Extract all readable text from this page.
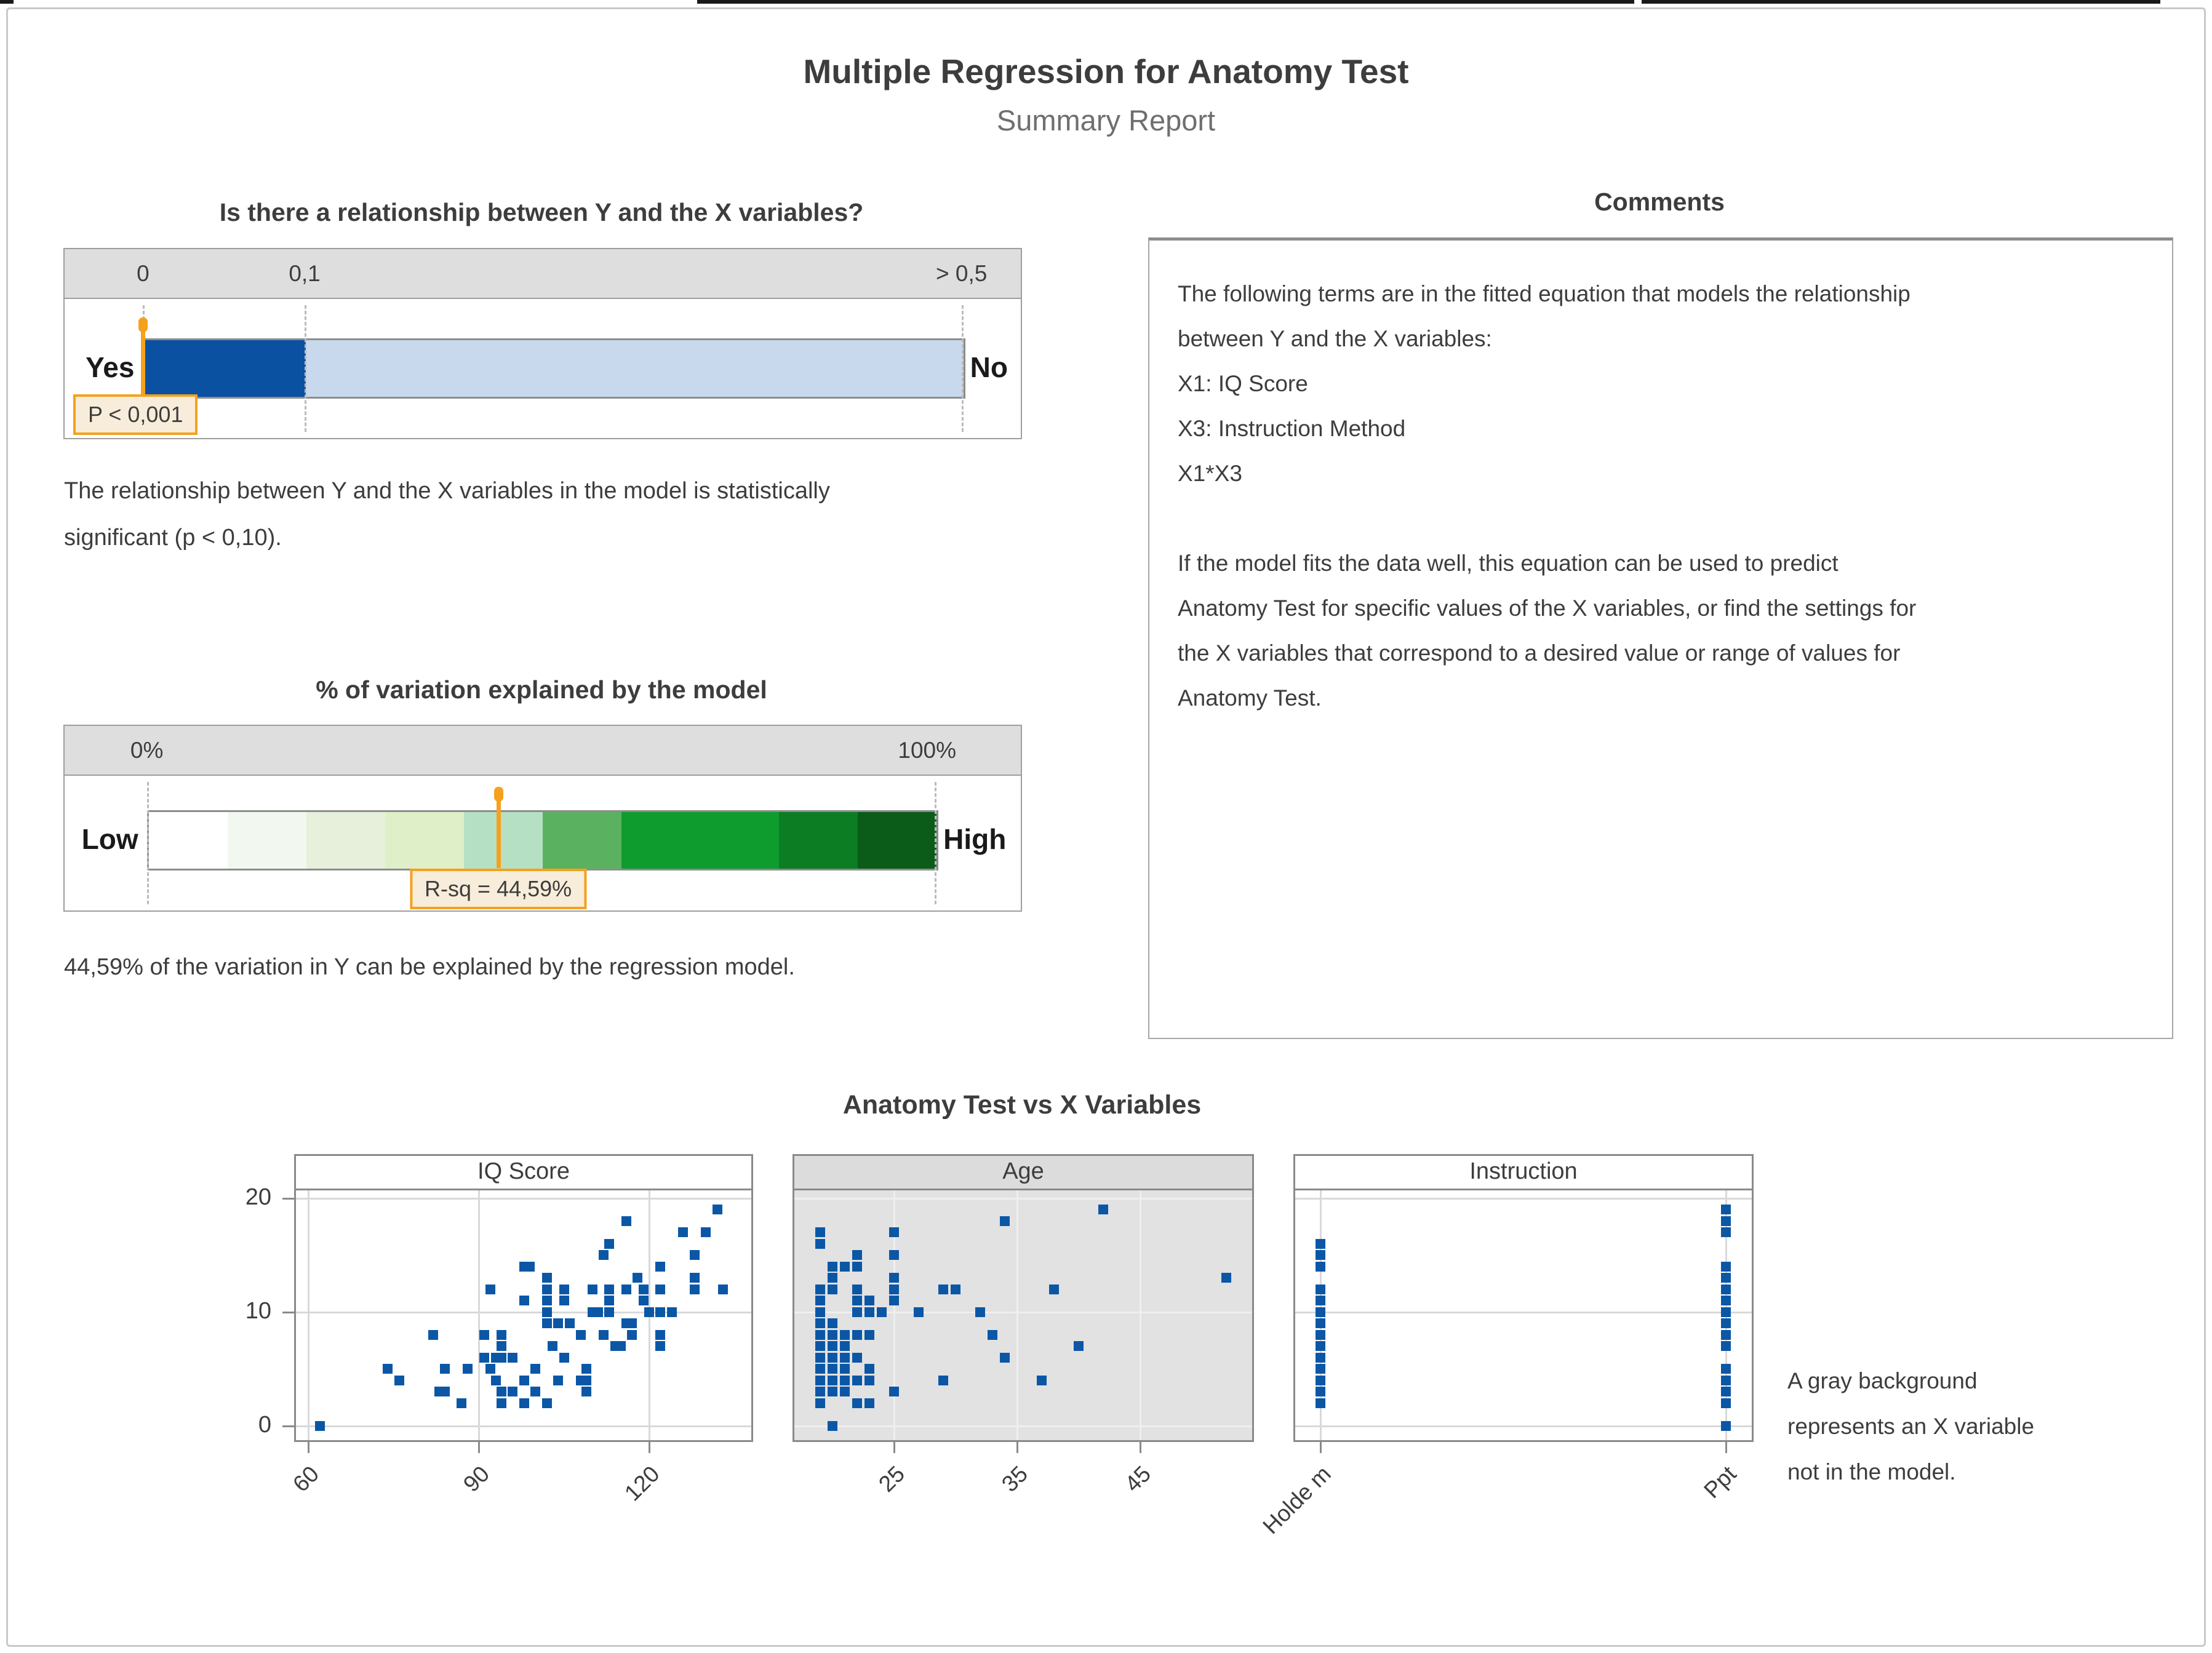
Multiple Regression for Anatomy Test
Summary Report
Is there a relationship between Y and the X variables?
0	0,1	> 0,5
Yes	No
P < 0,001
The relationship between Y and the X variables in the model is statistically
significant (p < 0,10).
% of variation explained by the model
0%	100%
Low	High
R-sq = 44,59%
44,59% of the variation in Y can be explained by the regression model.
Comments
The following terms are in the fitted equation that models the relationship
between Y and the X variables:
X1: IQ Score
X3: Instruction Method
X1*X3

If the model fits the data well, this equation can be used to predict
Anatomy Test for specific values of the X variables, or find the settings for
the X variables that correspond to a desired value or range of values for
Anatomy Test.
Anatomy Test vs X Variables
IQ Score
60	90	120
0
10
20
Age
25	35	45
Instruction
Holde m	Ppt
A gray background
represents an X variable
not in the model.
